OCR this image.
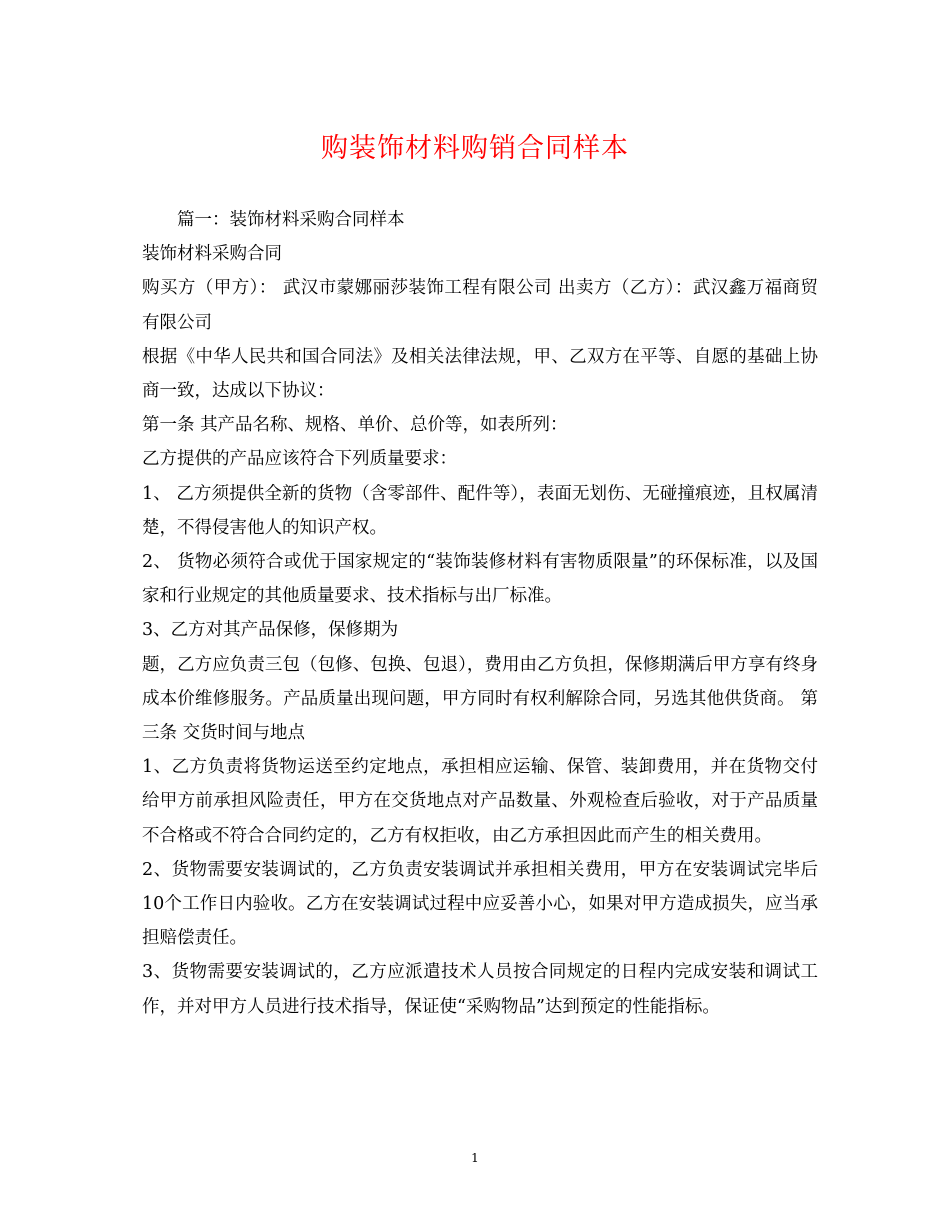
购装饰材料购销合同样本

篇一：装饰材料采购合同样本

装饰材料采购合同

购买方（甲方）： 武汉市蒙娜丽莎装饰工程有限公司 出卖方（乙方）：武汉鑫万福商贸有限公司

根据《中华人民共和国合同法》及相关法律法规，甲、乙双方在平等、自愿的基础上协商一致，达成以下协议：

第一条 其产品名称、规格、单价、总价等，如表所列：

乙方提供的产品应该符合下列质量要求：

1、 乙方须提供全新的货物（含零部件、配件等），表面无划伤、无碰撞痕迹，且权属清楚，不得侵害他人的知识产权。

2、 货物必须符合或优于国家规定的“装饰装修材料有害物质限量”的环保标准，以及国家和行业规定的其他质量要求、技术指标与出厂标准。

3、乙方对其产品保修，保修期为

题，乙方应负责三包（包修、包换、包退），费用由乙方负担，保修期满后甲方享有终身成本价维修服务。产品质量出现问题，甲方同时有权利解除合同，另选其他供货商。 第三条 交货时间与地点

1、乙方负责将货物运送至约定地点，承担相应运输、保管、装卸费用，并在货物交付给甲方前承担风险责任，甲方在交货地点对产品数量、外观检查后验收，对于产品质量不合格或不符合合同约定的，乙方有权拒收，由乙方承担因此而产生的相关费用。

2、货物需要安装调试的，乙方负责安装调试并承担相关费用，甲方在安装调试完毕后10个工作日内验收。乙方在安装调试过程中应妥善小心，如果对甲方造成损失，应当承担赔偿责任。

3、货物需要安装调试的，乙方应派遣技术人员按合同规定的日程内完成安装和调试工作，并对甲方人员进行技术指导，保证使“采购物品”达到预定的性能指标。

1
